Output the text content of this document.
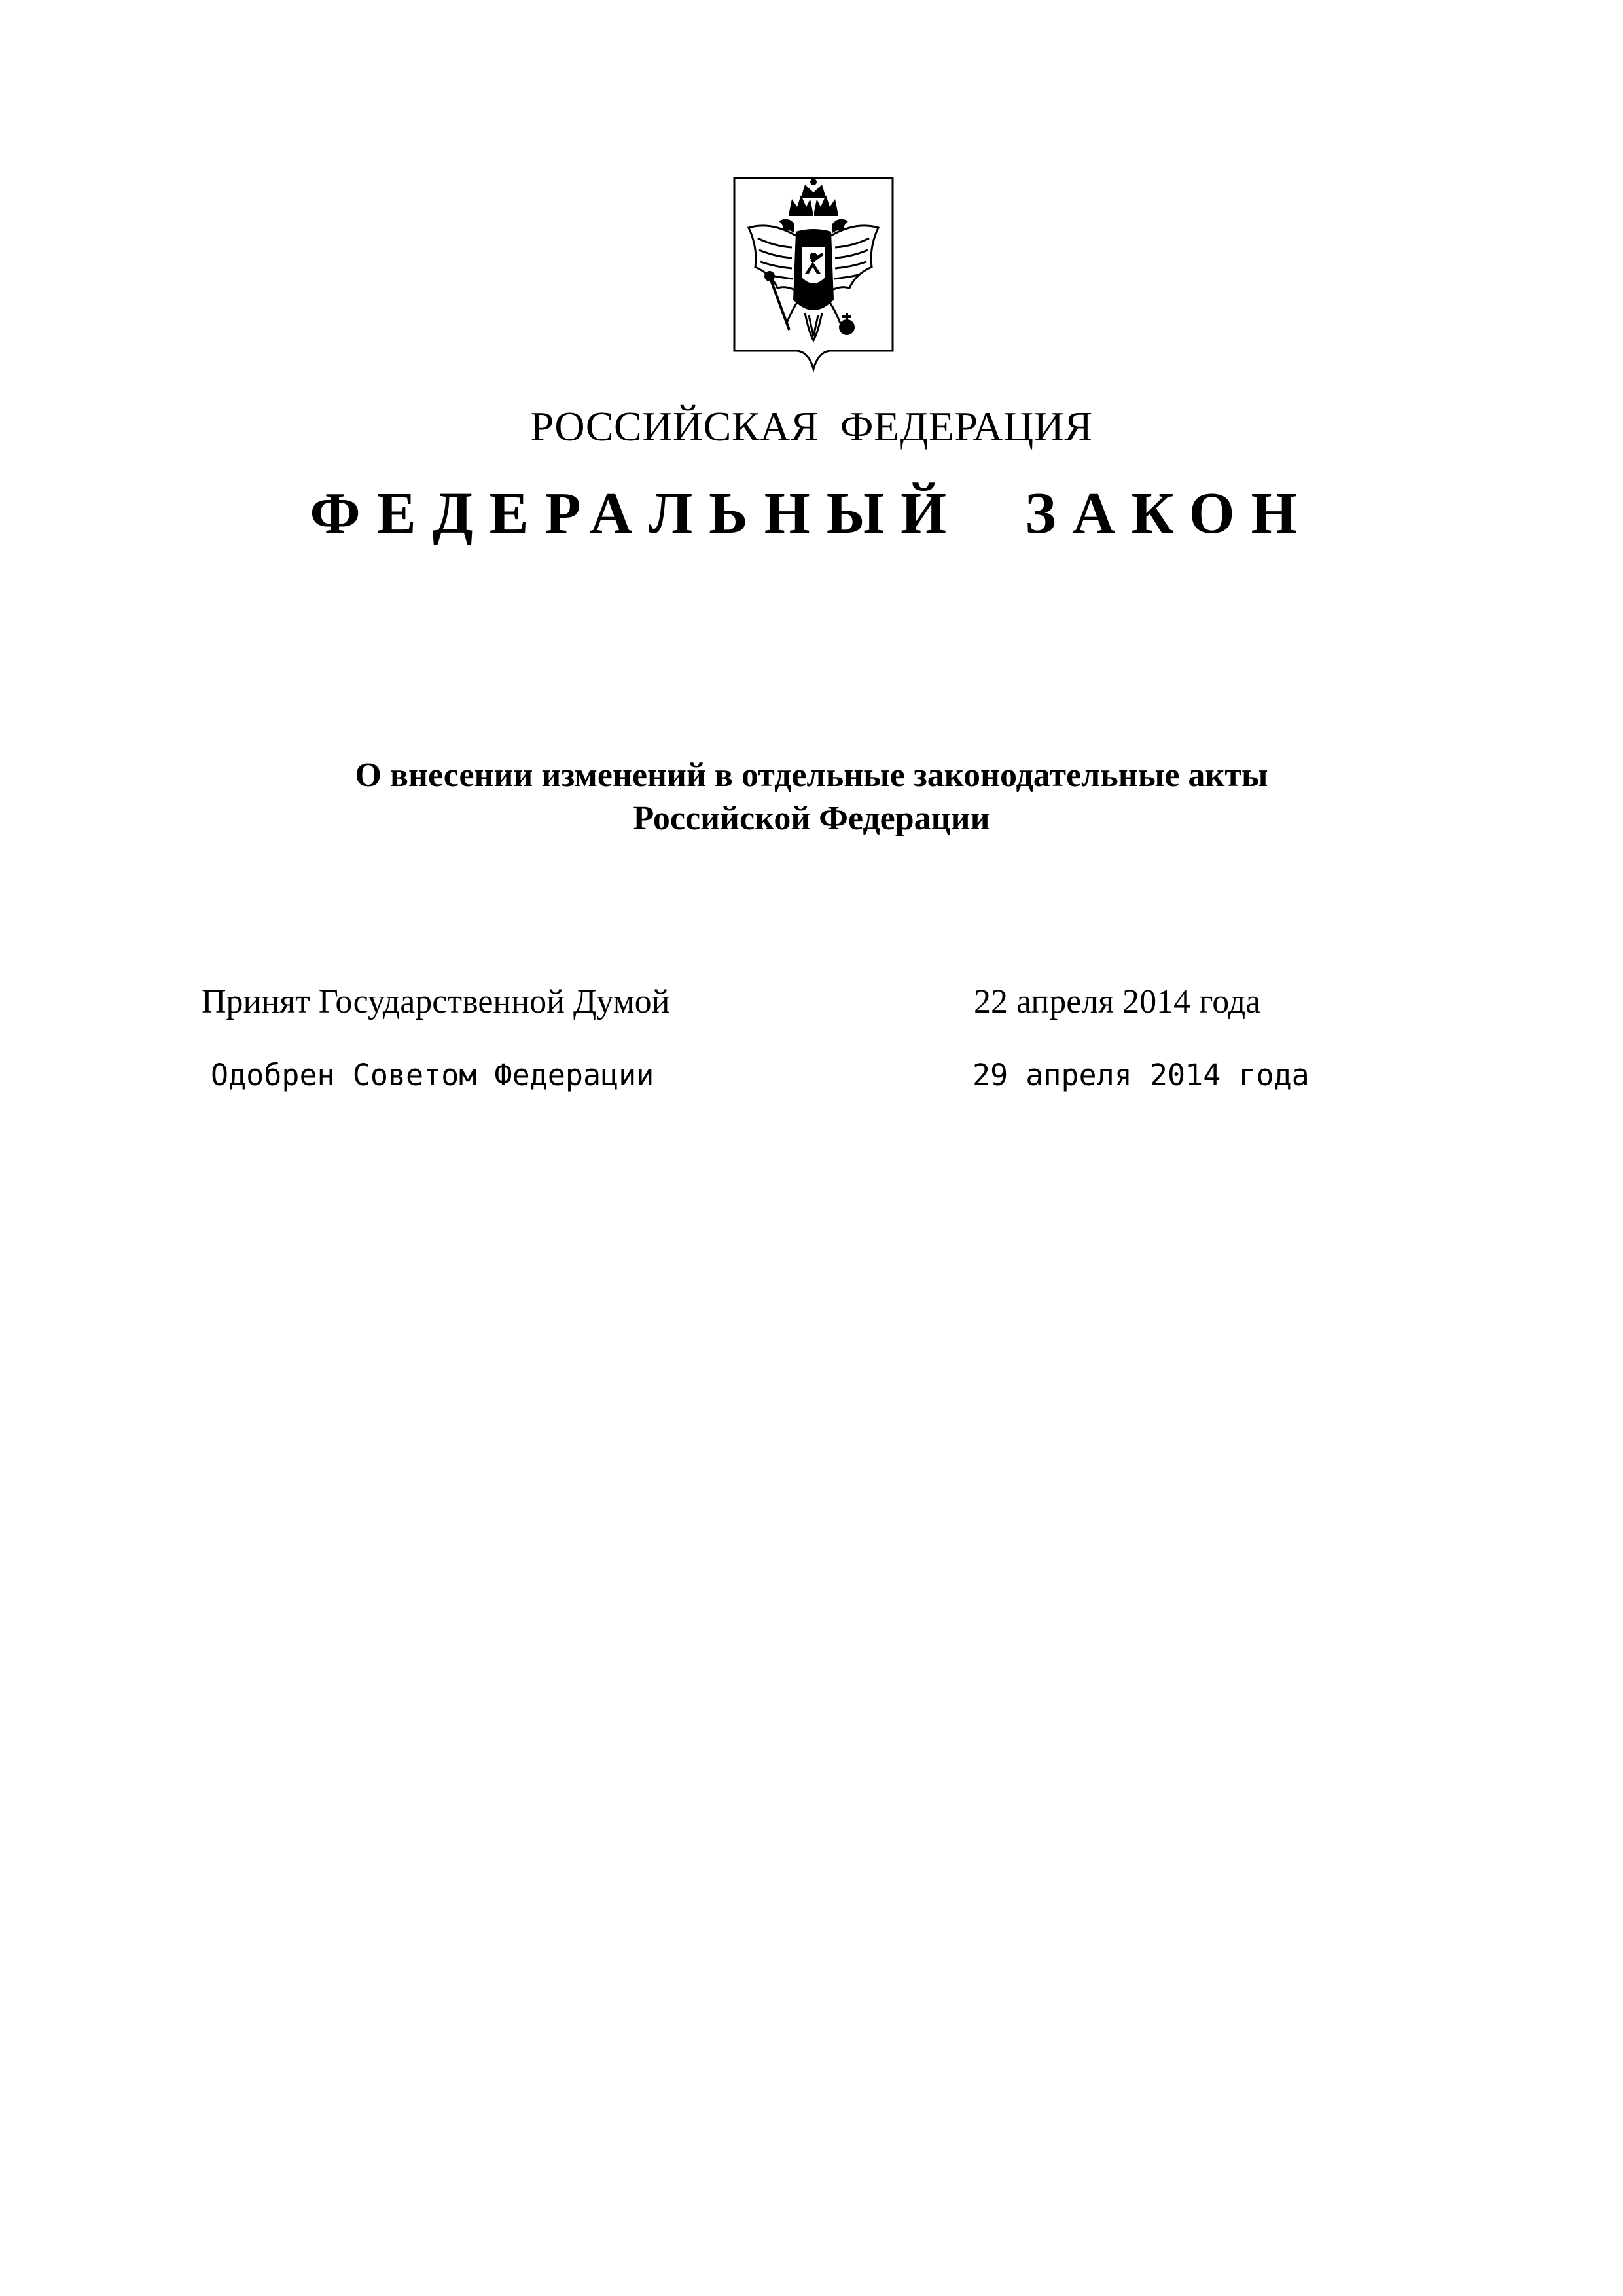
РОССИЙСКАЯ  ФЕДЕРАЦИЯ
ФЕДЕРАЛЬНЫЙ  ЗАКОН
О внесении изменений в отдельные законодательные акты
Российской Федерации
Принят Государственной Думой	22 апреля 2014 года
Одобрен Советом Федерации	29 апреля 2014 года
